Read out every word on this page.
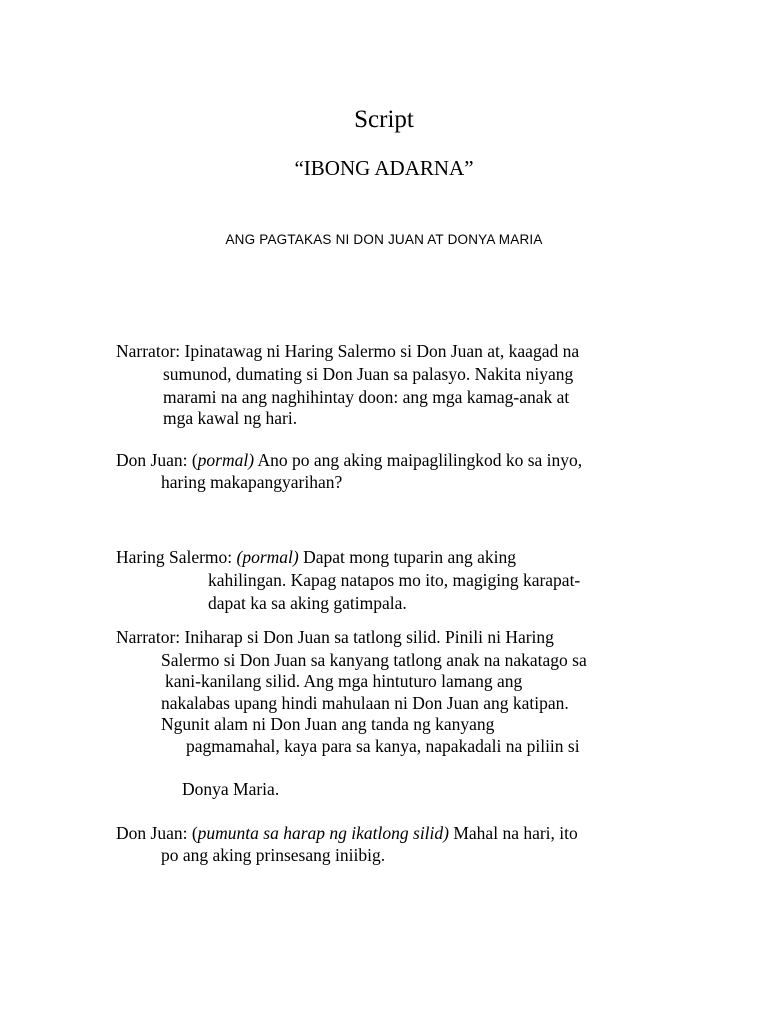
Script
“IBONG ADARNA”
ANG PAGTAKAS NI DON JUAN AT DONYA MARIA
Narrator: Ipinatawag ni Haring Salermo si Don Juan at, kaagad na
sumunod, dumating si Don Juan sa palasyo. Nakita niyang
marami na ang naghihintay doon: ang mga kamag-anak at
mga kawal ng hari.
Don Juan: (pormal) Ano po ang aking maipaglilingkod ko sa inyo,
haring makapangyarihan?
Haring Salermo: (pormal) Dapat mong tuparin ang aking
kahilingan. Kapag natapos mo ito, magiging karapat-
dapat ka sa aking gatimpala.
Narrator: Iniharap si Don Juan sa tatlong silid. Pinili ni Haring
Salermo si Don Juan sa kanyang tatlong anak na nakatago sa
kani-kanilang silid. Ang mga hintuturo lamang ang
nakalabas upang hindi mahulaan ni Don Juan ang katipan.
Ngunit alam ni Don Juan ang tanda ng kanyang
pagmamahal, kaya para sa kanya, napakadali na piliin si
Donya Maria.
Don Juan: (pumunta sa harap ng ikatlong silid) Mahal na hari, ito
po ang aking prinsesang iniibig.
